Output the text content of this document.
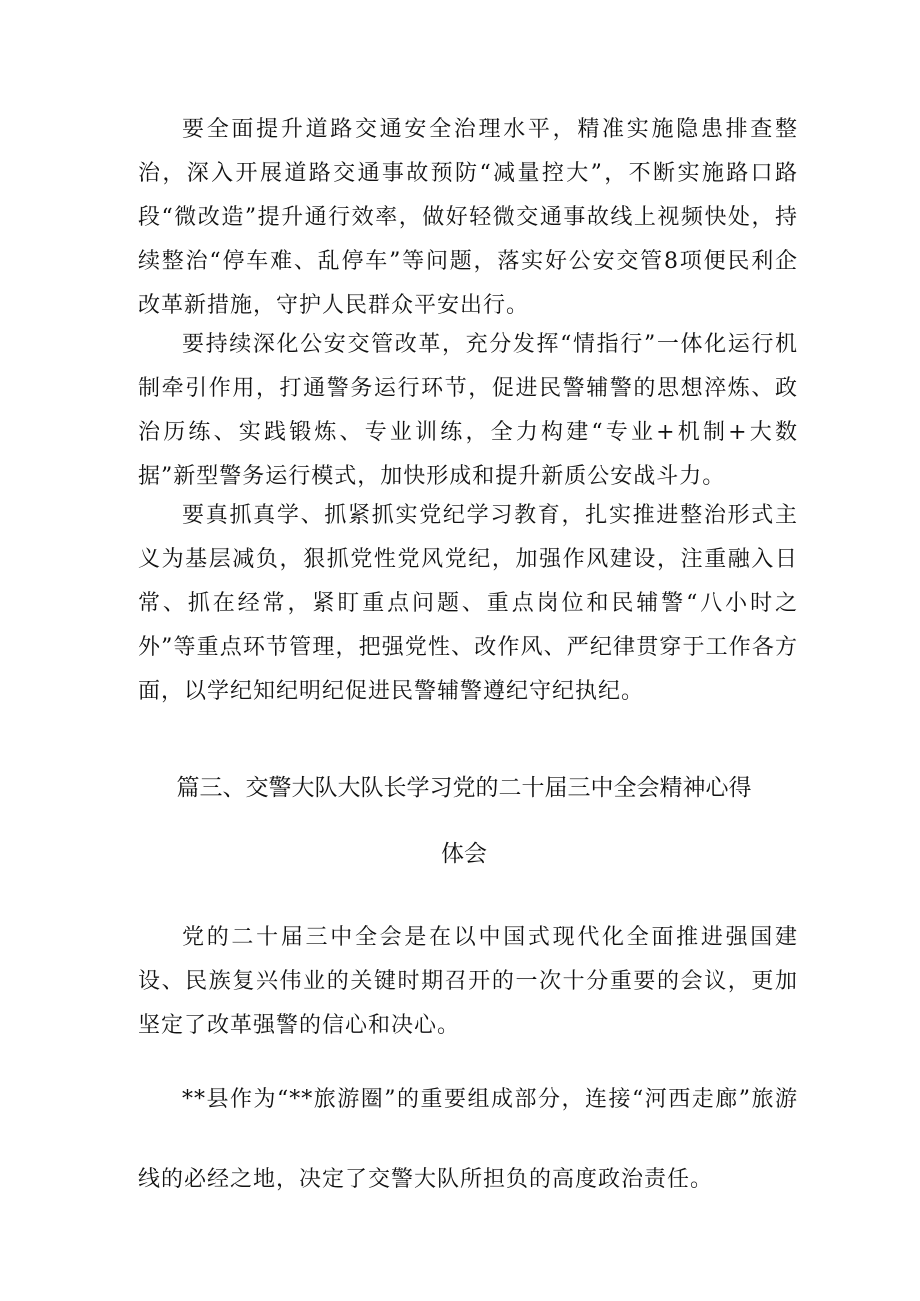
要全面提升道路交通安全治理水平，精准实施隐患排查整治，深入开展道路交通事故预防“减量控大”，不断实施路口路段“微改造”提升通行效率，做好轻微交通事故线上视频快处，持续整治“停车难、乱停车”等问题，落实好公安交管8项便民利企改革新措施，守护人民群众平安出行。

要持续深化公安交管改革，充分发挥“情指行”一体化运行机制牵引作用，打通警务运行环节，促进民警辅警的思想淬炼、政治历练、实践锻炼、专业训练，全力构建“专业+机制+大数据”新型警务运行模式，加快形成和提升新质公安战斗力。

要真抓真学、抓紧抓实党纪学习教育，扎实推进整治形式主义为基层减负，狠抓党性党风党纪，加强作风建设，注重融入日常、抓在经常，紧盯重点问题、重点岗位和民辅警“八小时之外”等重点环节管理，把强党性、改作风、严纪律贯穿于工作各方面，以学纪知纪明纪促进民警辅警遵纪守纪执纪。

篇三、交警大队大队长学习党的二十届三中全会精神心得
体会

党的二十届三中全会是在以中国式现代化全面推进强国建设、民族复兴伟业的关键时期召开的一次十分重要的会议，更加坚定了改革强警的信心和决心。

**县作为“**旅游圈”的重要组成部分，连接“河西走廊”旅游线的必经之地，决定了交警大队所担负的高度政治责任。
